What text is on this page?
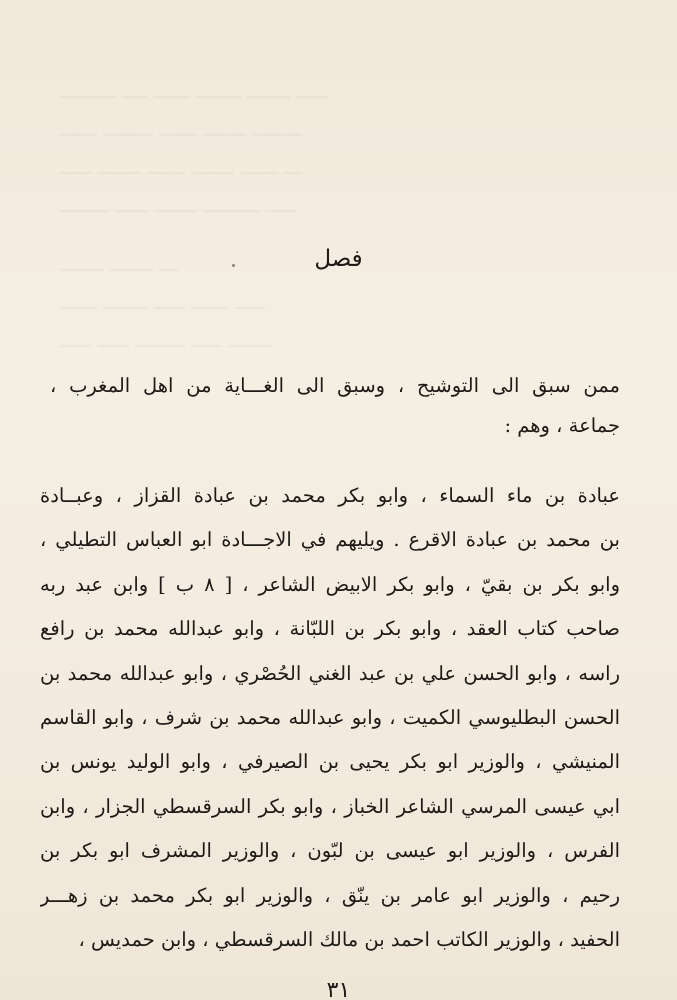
ـــــــــ ــــ ــــــ ـــــــ ـــــــ ـــــ
ــــــ ــــــــ ــــــ ـــــــ ــــــــ
ـــــ ـــــــ ــــــ ـــــــ ــــــ ـــ
ــــــــ ـــــ ـــــــ ـــــــــ ـــــ
ـــــــ ـــــــ ـــ
ــــــ ـــــــ ـــــ ــــــ ـــــ
ـــــ ـــــ ــــــــ ـــــ ـــــــ
فصل
ممن سبق الى التوشيح ، وسبق الى الغـــاية من اهل المغرب ،
جماعة ، وهم :
عبادة بن ماء السماء ، وابو بكر محمد بن عبادة القزاز ، وعبــادة
بن محمد بن عبادة الاقرع . ويليهم في الاجـــادة ابو العباس التطيلي ،
وابو بكر بن بقيّ ، وابو بكر الابيض الشاعر ، [ ٨ ب ] وابن عبد ربه
صاحب كتاب العقد ، وابو بكر بن اللبّانة ، وابو عبدالله محمد بن رافع
راسه ، وابو الحسن علي بن عبد الغني الحُصْري ، وابو عبدالله محمد بن
الحسن البطليوسي الكميت ، وابو عبدالله محمد بن شرف ، وابو القاسم
المنيشي ، والوزير ابو بكر يحيى بن الصيرفي ، وابو الوليد يونس بن
ابي عيسى المرسي الشاعر الخباز ، وابو بكر السرقسطي الجزار ، وابن
الفرس ، والوزير ابو عيسى بن لبّون ، والوزير المشرف ابو بكر بن
رحيم ، والوزير ابو عامر بن ينّق ، والوزير ابو بكر محمد بن زهـــر
الحفيد ، والوزير الكاتب احمد بن مالك السرقسطي ، وابن حمديس ،
٣١
